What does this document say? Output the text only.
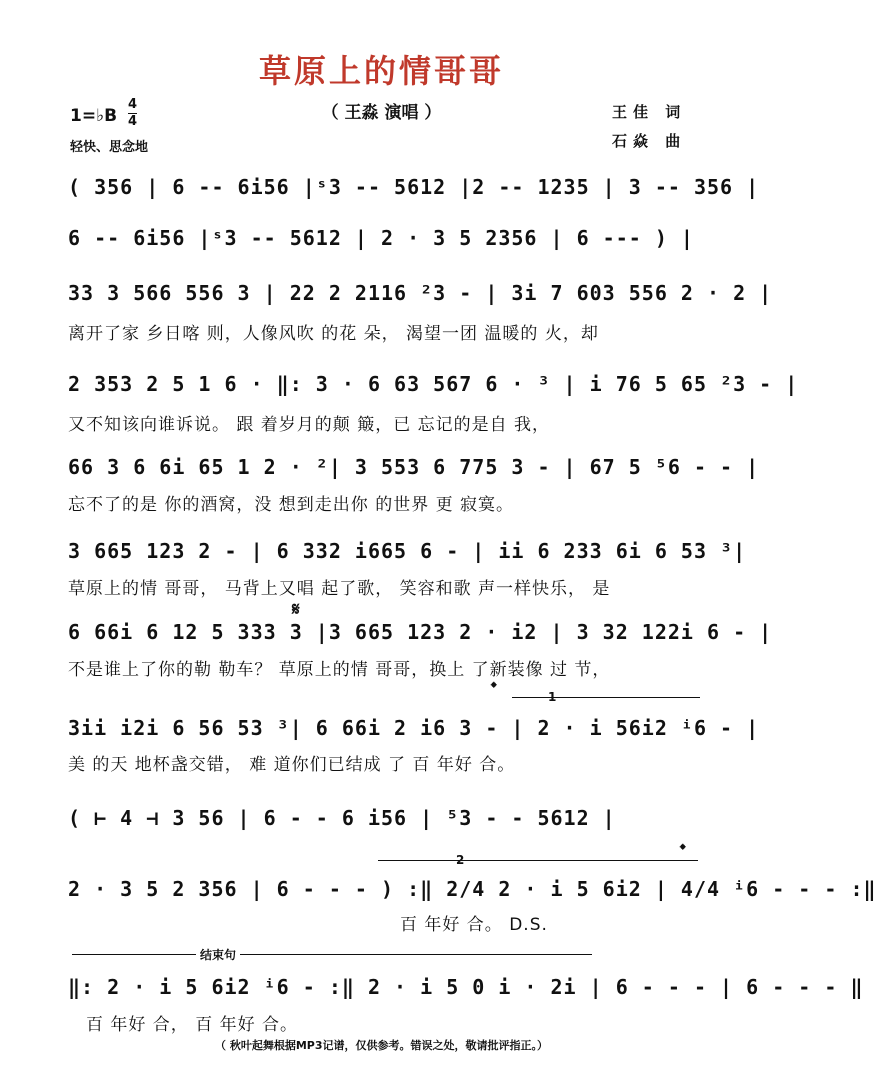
草原上的情哥哥
（ 王淼 演唱 ）
1=♭B
4
4
轻快、思念地
王佳 词
石焱 曲
( 356 | 6 -- 6i56 |ˢ3 -- 5612 |2 -- 1235 | 3 -- 356 |
6 -- 6i56 |ˢ3 -- 5612 | 2 · 3 5 2356 | 6 --- ) |
33 3 566 556 3 | 22 2 2116 ²3 - | 3i 7 603 556 2 · 2 |
离开了家 乡日喀 则，人像风吹 的花 朵， 渴望一团 温暖的 火，却
2 353 2 5 1 6 · ‖: 3 · 6 63 567 6 · ³ | i 76 5 65 ²3 - |
又不知该向谁诉说。 跟 着岁月的颠 簸，已 忘记的是自 我，
66 3 6 6i 65 1 2 · ²| 3 553 6 775 3 - | 67 5 ⁵6 - - |
忘不了的是 你的酒窝，没 想到走出你 的世界 更 寂寞。
3 665 123 2 - | 6 332 i665 6 - | ii 6 233 6i 6 53 ³|
草原上的情 哥哥， 马背上又唱 起了歌， 笑容和歌 声一样快乐， 是
𝄋
6 66i 6 12 5 333 3 |3 665 123 2 · i2 | 3 32 122i 6 - |
不是谁上了你的勒 勒车？ 草原上的情 哥哥，换上 了新装像 过 节，
𝄌	1
3ii i2i 6 56 53 ³| 6 66i 2 i6 3 - | 2 · i 56i2 ⁱ6 - |
美 的天 地杯盏交错， 难 道你们已结成 了 百 年好 合。
( ⊢ 4 ⊣ 3 56 | 6 - - 6 i56 | ⁵3 - - 5612 |
𝄌
2
2 · 3 5 2 356 | 6 - - - ) :‖ 2/4 2 · i 5 6i2 | 4/4 ⁱ6 - - - :‖
百 年好 合。 D.S.
结束句
‖: 2 · i 5 6i2 ⁱ6 - :‖ 2 · i 5 0 i · 2i | 6 - - - | 6 - - - ‖
百 年好 合， 百 年好 合。
（ 秋叶起舞根据MP3记谱，仅供参考。错误之处，敬请批评指正。）
